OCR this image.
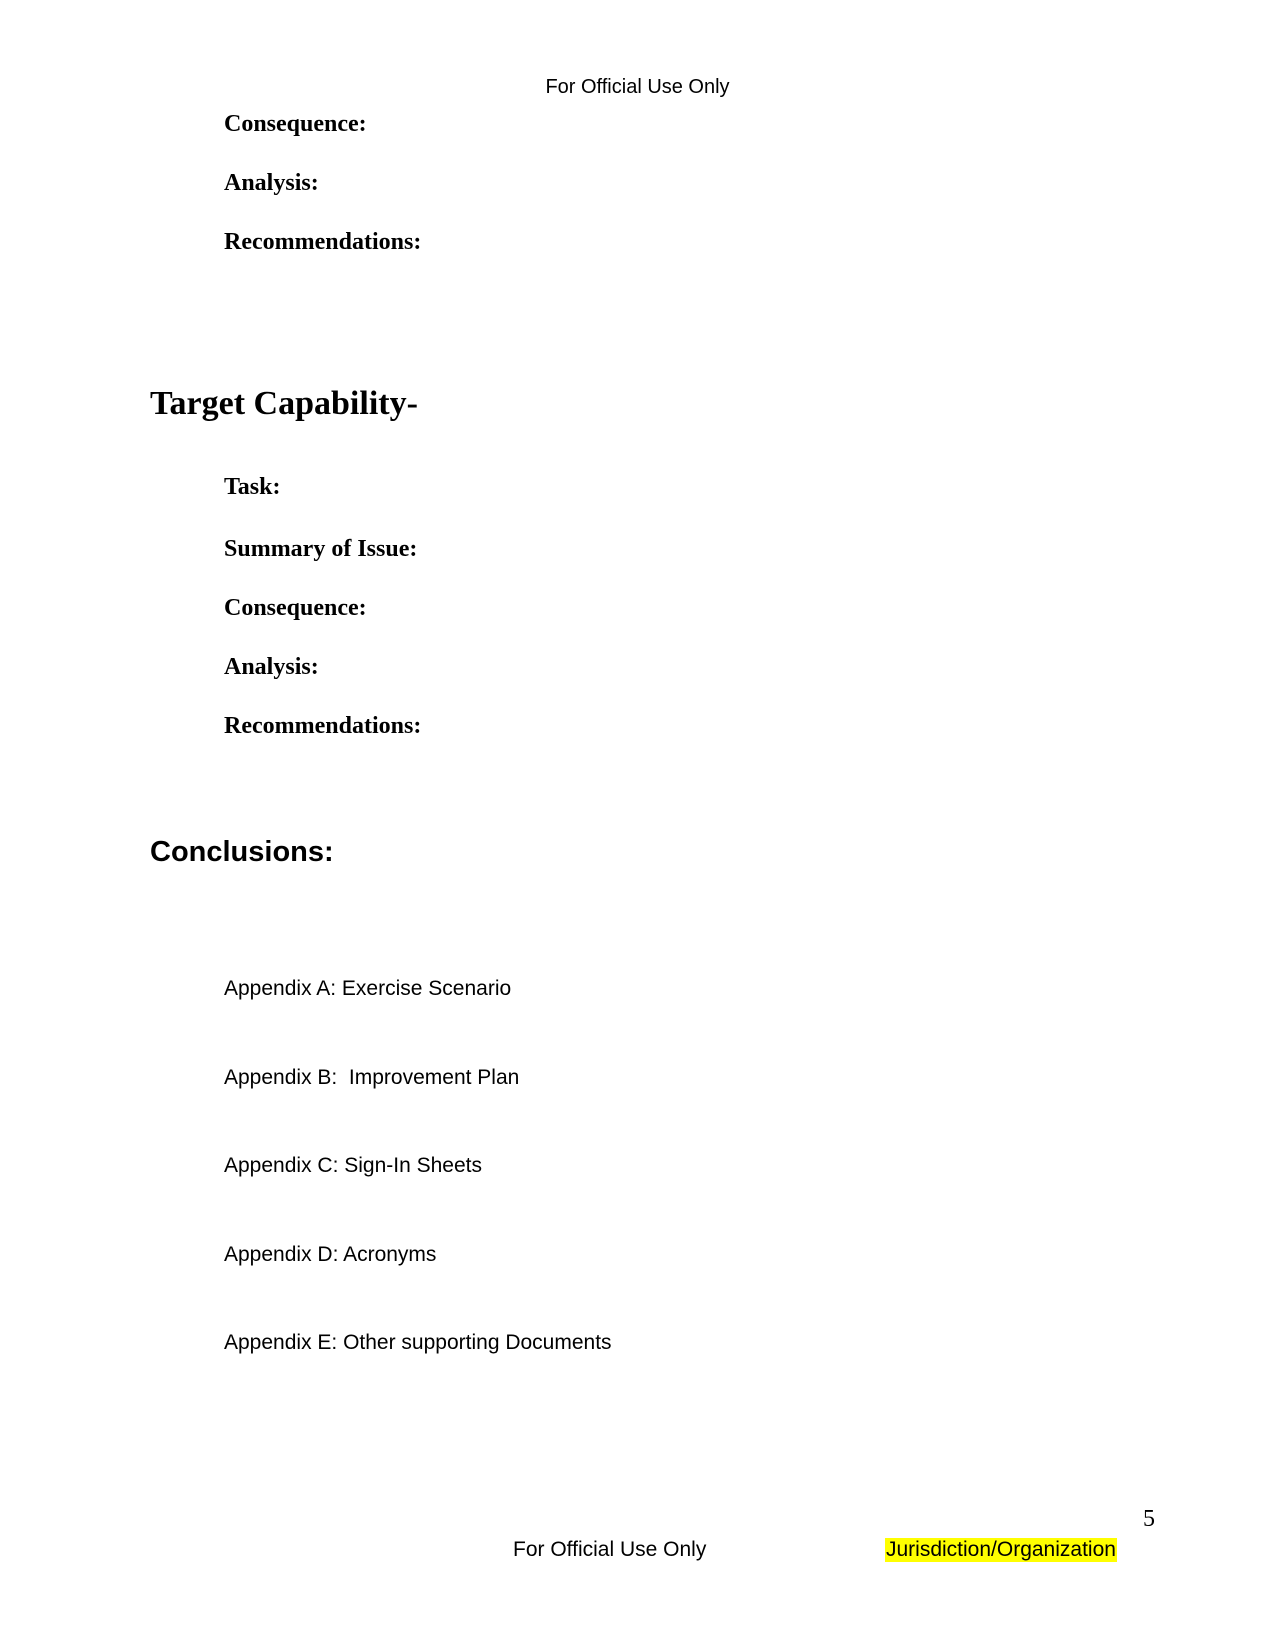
For Official Use Only
Consequence:
Analysis:
Recommendations:
Target Capability-
Task:
Summary of Issue:
Consequence:
Analysis:
Recommendations:
Conclusions:

Appendix A: Exercise Scenario

Appendix B:  Improvement Plan

Appendix C: Sign-In Sheets

Appendix D: Acronyms

Appendix E: Other supporting Documents

5
For Official Use Only	Jurisdiction/Organization
